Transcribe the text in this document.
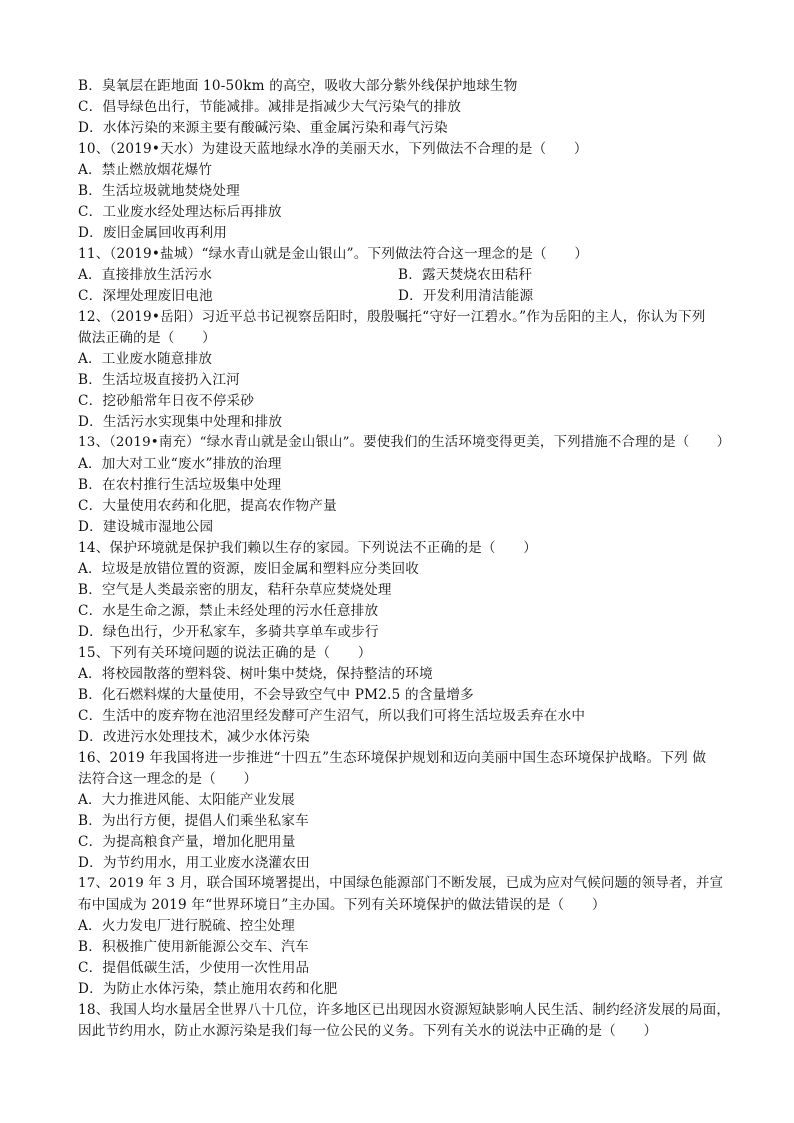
B．臭氧层在距地面 10-50km 的高空，吸收大部分紫外线保护地球生物
C．倡导绿色出行，节能减排。减排是指减少大气污染气的排放
D．水体污染的来源主要有酸碱污染、重金属污染和毒气污染
10、（2019•天水）为建设天蓝地绿水净的美丽天水，下列做法不合理的是（　　）
A．禁止燃放烟花爆竹
B．生活垃圾就地焚烧处理
C．工业废水经处理达标后再排放
D．废旧金属回收再利用
11、（2019•盐城）“绿水青山就是金山银山”。下列做法符合这一理念的是（　　）
A．直接排放生活污水	B．露天焚烧农田秸秆
C．深埋处理废旧电池	D．开发利用清洁能源
12、（2019•岳阳）习近平总书记视察岳阳时，殷殷嘱托“守好一江碧水。”作为岳阳的主人，你认为下列
做法正确的是（　　）
A．工业废水随意排放
B．生活垃圾直接扔入江河
C．挖砂船常年日夜不停采砂
D．生活污水实现集中处理和排放
13、（2019•南充）“绿水青山就是金山银山”。要使我们的生活环境变得更美，下列措施不合理的是（　　）
A．加大对工业“废水”排放的治理
B．在农村推行生活垃圾集中处理
C．大量使用农药和化肥，提高农作物产量
D．建设城市湿地公园
14、保护环境就是保护我们赖以生存的家园。下列说法不正确的是（　　）
A．垃圾是放错位置的资源，废旧金属和塑料应分类回收
B．空气是人类最亲密的朋友，秸秆杂草应焚烧处理
C．水是生命之源，禁止未经处理的污水任意排放
D．绿色出行，少开私家车，多骑共享单车或步行
15、下列有关环境问题的说法正确的是（　　）
A．将校园散落的塑料袋、树叶集中焚烧，保持整洁的环境
B．化石燃料煤的大量使用，不会导致空气中 PM2.5 的含量增多
C．生活中的废弃物在池沼里经发酵可产生沼气，所以我们可将生活垃圾丢弃在水中
D．改进污水处理技术，减少水体污染
16、2019 年我国将进一步推进“十四五”生态环境保护规划和迈向美丽中国生态环境保护战略。下列 做
法符合这一理念的是（　　）
A．大力推进风能、太阳能产业发展
B．为出行方便，提倡人们乘坐私家车
C．为提高粮食产量，增加化肥用量
D．为节约用水，用工业废水浇灌农田
17、2019 年 3 月，联合国环境署提出，中国绿色能源部门不断发展，已成为应对气候问题的领导者，并宣
布中国成为 2019 年“世界环境日”主办国。下列有关环境保护的做法错误的是（　　）
A．火力发电厂进行脱硫、控尘处理
B．积极推广使用新能源公交车、汽车
C．提倡低碳生活，少使用一次性用品
D．为防止水体污染，禁止施用农药和化肥
18、我国人均水量居全世界八十几位，许多地区已出现因水资源短缺影响人民生活、制约经济发展的局面，
因此节约用水，防止水源污染是我们每一位公民的义务。下列有关水的说法中正确的是（　　）
